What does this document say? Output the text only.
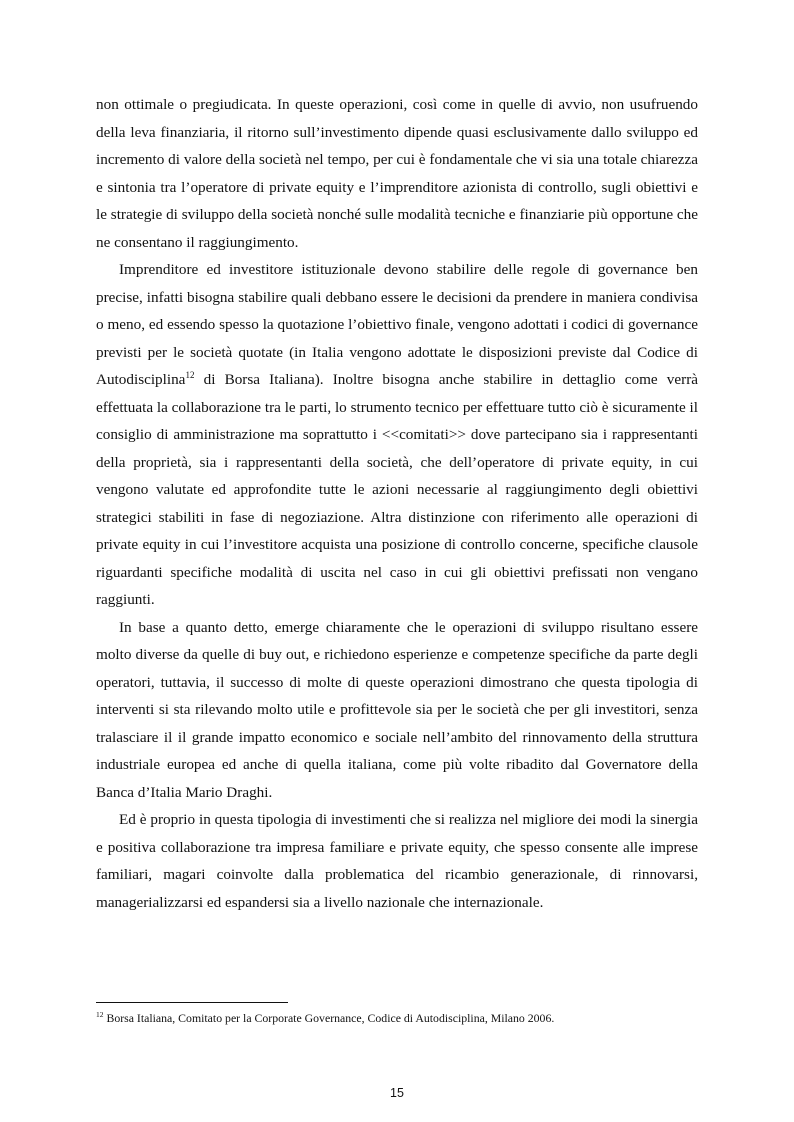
non ottimale o pregiudicata. In queste operazioni, così come in quelle di avvio, non usufruendo della leva finanziaria, il ritorno sull’investimento dipende quasi esclusivamente dallo sviluppo ed incremento di valore della società nel tempo, per cui è fondamentale che vi sia una totale chiarezza e sintonia tra l’operatore di private equity e l’imprenditore azionista di controllo, sugli obiettivi e le strategie di sviluppo della società nonché sulle modalità tecniche e finanziarie più opportune che ne consentano il raggiungimento.

Imprenditore ed investitore istituzionale devono stabilire delle regole di governance ben precise, infatti bisogna stabilire quali debbano essere le decisioni da prendere in maniera condivisa o meno, ed essendo spesso la quotazione l’obiettivo finale, vengono adottati i codici di governance previsti per le società quotate (in Italia vengono adottate le disposizioni previste dal Codice di Autodisciplina$^{12}$ di Borsa Italiana). Inoltre bisogna anche stabilire in dettaglio come verrà effettuata la collaborazione tra le parti, lo strumento tecnico per effettuare tutto ciò è sicuramente il consiglio di amministrazione ma soprattutto i <<comitati>> dove partecipano sia i rappresentanti della proprietà, sia i rappresentanti della società, che dell’operatore di private equity, in cui vengono valutate ed approfondite tutte le azioni necessarie al raggiungimento degli obiettivi strategici stabiliti in fase di negoziazione. Altra distinzione con riferimento alle operazioni di private equity in cui l’investitore acquista una posizione di controllo concerne, specifiche clausole riguardanti specifiche modalità di uscita nel caso in cui gli obiettivi prefissati non vengano raggiunti.

In base a quanto detto, emerge chiaramente che le operazioni di sviluppo risultano essere molto diverse da quelle di buy out, e richiedono esperienze e competenze specifiche da parte degli operatori, tuttavia, il successo di molte di queste operazioni dimostrano che questa tipologia di interventi si sta rilevando molto utile e profittevole sia per le società che per gli investitori, senza tralasciare il il grande impatto economico e sociale nell’ambito del rinnovamento della struttura industriale europea ed anche di quella italiana, come più volte ribadito dal Governatore della Banca d’Italia Mario Draghi.

Ed è proprio in questa tipologia di investimenti che si realizza nel migliore dei modi la sinergia e positiva collaborazione tra impresa familiare e private equity, che spesso consente alle imprese familiari, magari coinvolte dalla problematica del ricambio generazionale, di rinnovarsi, managerializzarsi ed espandersi sia a livello nazionale che internazionale.

$^{12}$ Borsa Italiana, Comitato per la Corporate Governance, Codice di Autodisciplina, Milano 2006.
15
